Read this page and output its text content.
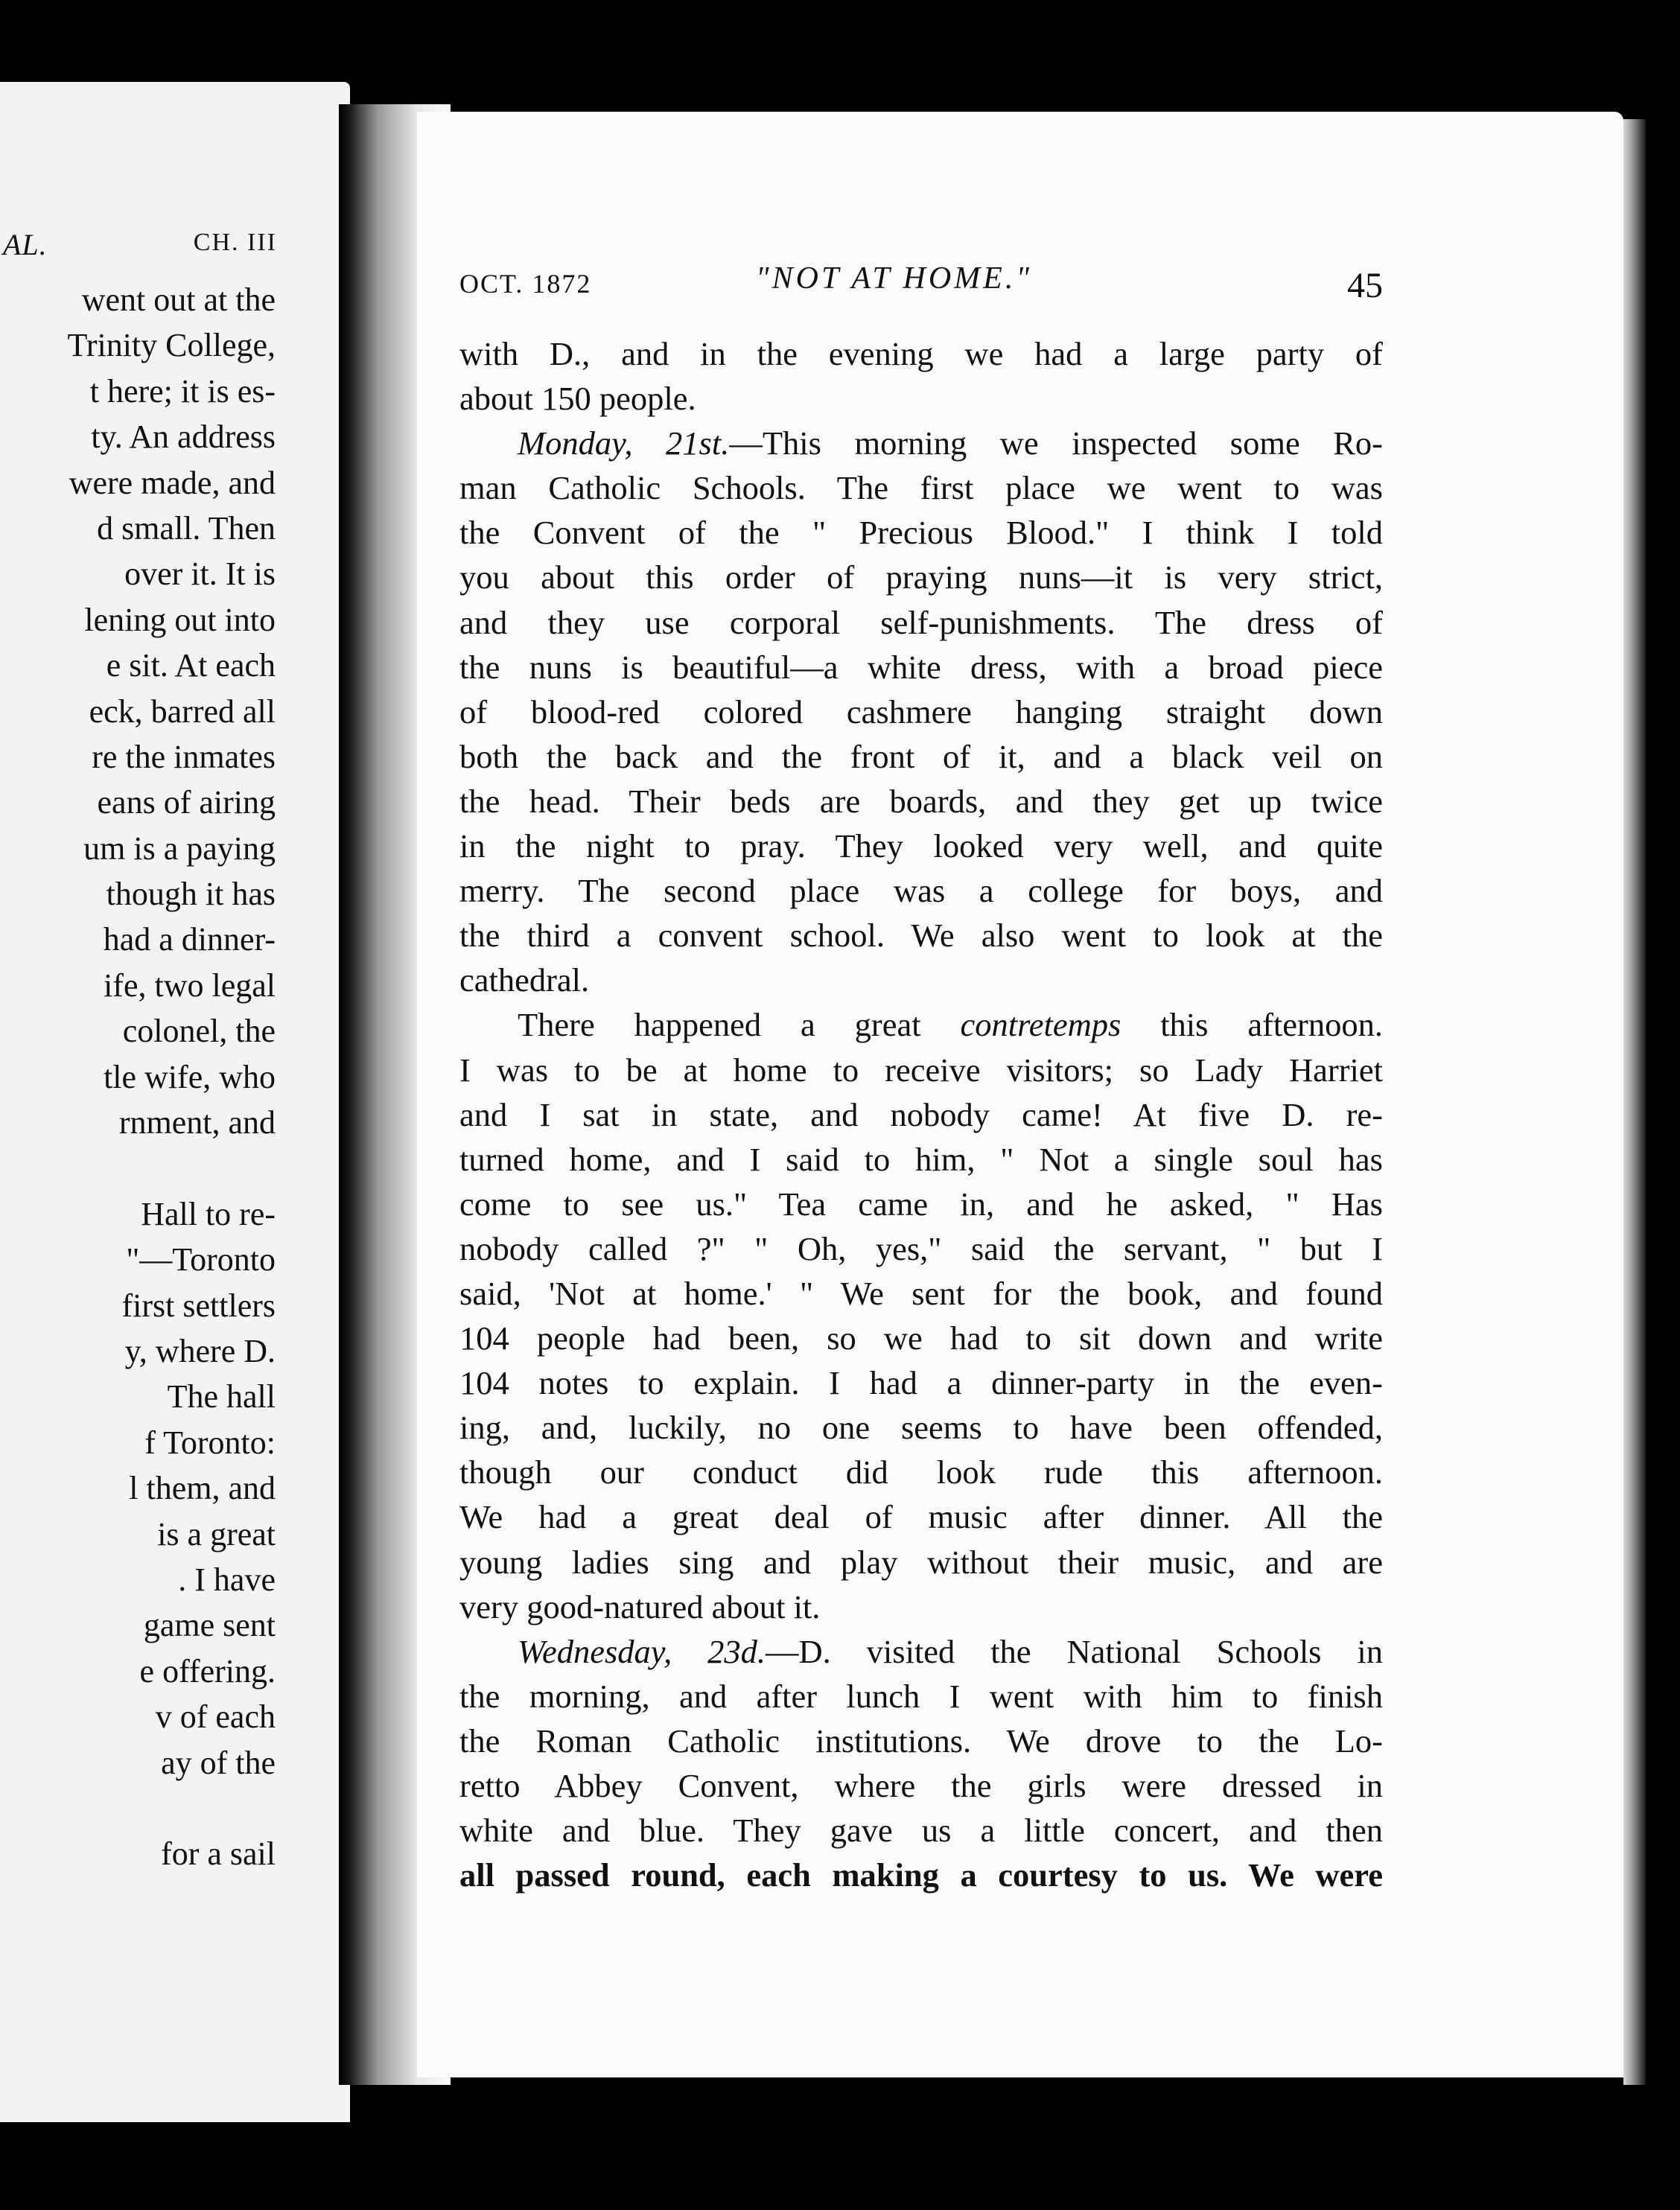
AL.	CH. III
went out at the
Trinity College,
t here; it is es-
ty. An address
were made, and
d small. Then
over it. It is
lening out into
e sit. At each
eck, barred all
re the inmates
eans of airing
um is a paying
though it has
had a dinner-
ife, two legal
colonel, the
tle wife, who
rnment, and
Hall to re-
"—Toronto
first settlers
y, where D.
The hall
f Toronto:
l them, and
is a great
. I have
game sent
e offering.
v of each
ay of the
for a sail
OCT. 1872	"NOT AT HOME."	45
with D., and in the evening we had a large party of
about 150 people.
Monday, 21st.—This morning we inspected some Ro-
man Catholic Schools. The first place we went to was
the Convent of the " Precious Blood." I think I told
you about this order of praying nuns—it is very strict,
and they use corporal self-punishments. The dress of
the nuns is beautiful—a white dress, with a broad piece
of blood-red colored cashmere hanging straight down
both the back and the front of it, and a black veil on
the head. Their beds are boards, and they get up twice
in the night to pray. They looked very well, and quite
merry. The second place was a college for boys, and
the third a convent school. We also went to look at the
cathedral.
There happened a great contretemps this afternoon.
I was to be at home to receive visitors; so Lady Harriet
and I sat in state, and nobody came! At five D. re-
turned home, and I said to him, " Not a single soul has
come to see us." Tea came in, and he asked, " Has
nobody called ?" " Oh, yes," said the servant, " but I
said, 'Not at home.' " We sent for the book, and found
104 people had been, so we had to sit down and write
104 notes to explain. I had a dinner-party in the even-
ing, and, luckily, no one seems to have been offended,
though our conduct did look rude this afternoon.
We had a great deal of music after dinner. All the
young ladies sing and play without their music, and are
very good-natured about it.
Wednesday, 23d.—D. visited the National Schools in
the morning, and after lunch I went with him to finish
the Roman Catholic institutions. We drove to the Lo-
retto Abbey Convent, where the girls were dressed in
white and blue. They gave us a little concert, and then
all passed round, each making a courtesy to us. We were
